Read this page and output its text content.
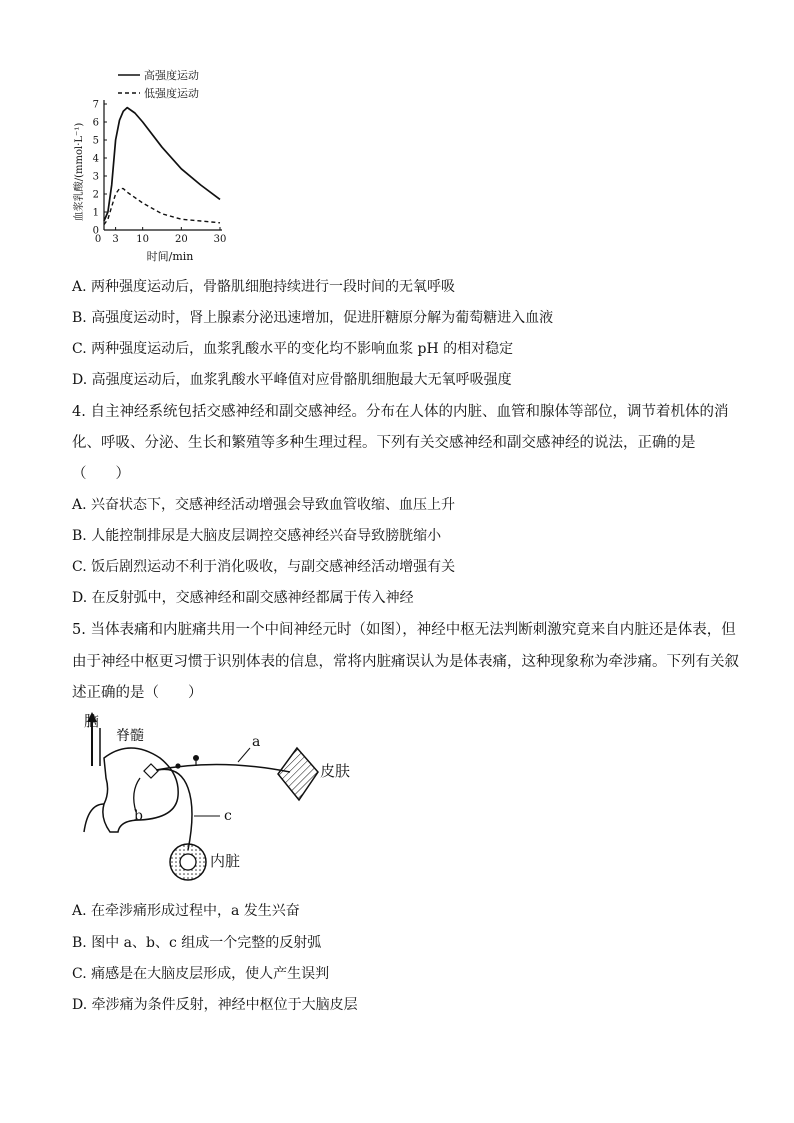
高强度运动
低强度运动
0
1
2
3
4
5
6
7
0 3 10	20	30
时间/min
血浆乳酸/(mmol·L⁻¹)
A. 两种强度运动后，骨骼肌细胞持续进行一段时间的无氧呼吸
B. 高强度运动时，肾上腺素分泌迅速增加，促进肝糖原分解为葡萄糖进入血液
C. 两种强度运动后，血浆乳酸水平的变化均不影响血浆 pH 的相对稳定
D. 高强度运动后，血浆乳酸水平峰值对应骨骼肌细胞最大无氧呼吸强度
4. 自主神经系统包括交感神经和副交感神经。分布在人体的内脏、血管和腺体等部位，调节着机体的消
化、呼吸、分泌、生长和繁殖等多种生理过程。下列有关交感神经和副交感神经的说法，正确的是
（　　）
A. 兴奋状态下，交感神经活动增强会导致血管收缩、血压上升
B. 人能控制排尿是大脑皮层调控交感神经兴奋导致膀胱缩小
C. 饭后剧烈运动不利于消化吸收，与副交感神经活动增强有关
D. 在反射弧中，交感神经和副交感神经都属于传入神经
5. 当体表痛和内脏痛共用一个中间神经元时（如图），神经中枢无法判断刺激究竟来自内脏还是体表，但
由于神经中枢更习惯于识别体表的信息，常将内脏痛误认为是体表痛，这种现象称为牵涉痛。下列有关叙
述正确的是（　　）
脑
脊髓	a
皮肤
b	c
内脏
A. 在牵涉痛形成过程中，a 发生兴奋
B. 图中 a、b、c 组成一个完整的反射弧
C. 痛感是在大脑皮层形成，使人产生误判
D. 牵涉痛为条件反射，神经中枢位于大脑皮层
